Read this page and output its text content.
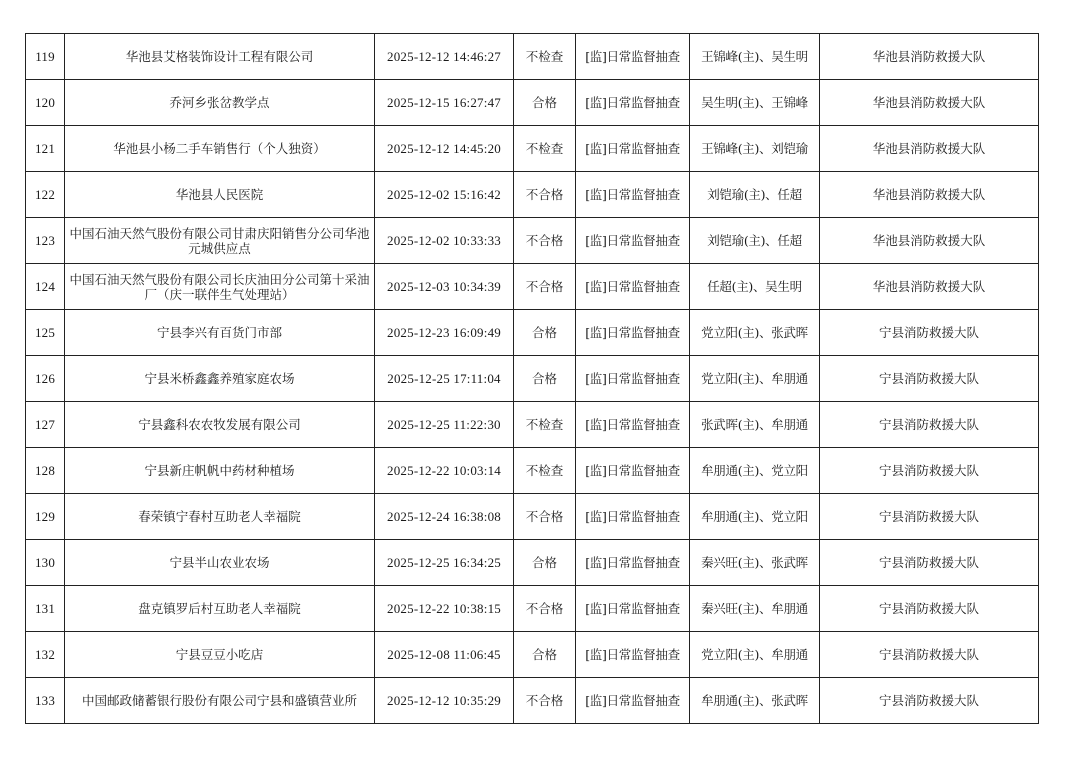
119	华池县艾格装饰设计工程有限公司	2025-12-12 14:46:27	不检查	[监]日常监督抽查	王锦峰(主)、吴生明	华池县消防救援大队
120	乔河乡张岔教学点	2025-12-15 16:27:47	合格	[监]日常监督抽查	吴生明(主)、王锦峰	华池县消防救援大队
121	华池县小杨二手车销售行（个人独资）	2025-12-12 14:45:20	不检查	[监]日常监督抽查	王锦峰(主)、刘铠瑜	华池县消防救援大队
122	华池县人民医院	2025-12-02 15:16:42	不合格	[监]日常监督抽查	刘铠瑜(主)、任超	华池县消防救援大队
123	中国石油天然气股份有限公司甘肃庆阳销售分公司华池元城供应点	2025-12-02 10:33:33	不合格	[监]日常监督抽查	刘铠瑜(主)、任超	华池县消防救援大队
124	中国石油天然气股份有限公司长庆油田分公司第十采油厂（庆一联伴生气处理站）	2025-12-03 10:34:39	不合格	[监]日常监督抽查	任超(主)、吴生明	华池县消防救援大队
125	宁县李兴有百货门市部	2025-12-23 16:09:49	合格	[监]日常监督抽查	党立阳(主)、张武晖	宁县消防救援大队
126	宁县米桥鑫鑫养殖家庭农场	2025-12-25 17:11:04	合格	[监]日常监督抽查	党立阳(主)、牟朋通	宁县消防救援大队
127	宁县鑫科农农牧发展有限公司	2025-12-25 11:22:30	不检查	[监]日常监督抽查	张武晖(主)、牟朋通	宁县消防救援大队
128	宁县新庄帆帆中药材种植场	2025-12-22 10:03:14	不检查	[监]日常监督抽查	牟朋通(主)、党立阳	宁县消防救援大队
129	春荣镇宁春村互助老人幸福院	2025-12-24 16:38:08	不合格	[监]日常监督抽查	牟朋通(主)、党立阳	宁县消防救援大队
130	宁县半山农业农场	2025-12-25 16:34:25	合格	[监]日常监督抽查	秦兴旺(主)、张武晖	宁县消防救援大队
131	盘克镇罗后村互助老人幸福院	2025-12-22 10:38:15	不合格	[监]日常监督抽查	秦兴旺(主)、牟朋通	宁县消防救援大队
132	宁县豆豆小吃店	2025-12-08 11:06:45	合格	[监]日常监督抽查	党立阳(主)、牟朋通	宁县消防救援大队
133	中国邮政储蓄银行股份有限公司宁县和盛镇营业所	2025-12-12 10:35:29	不合格	[监]日常监督抽查	牟朋通(主)、张武晖	宁县消防救援大队
